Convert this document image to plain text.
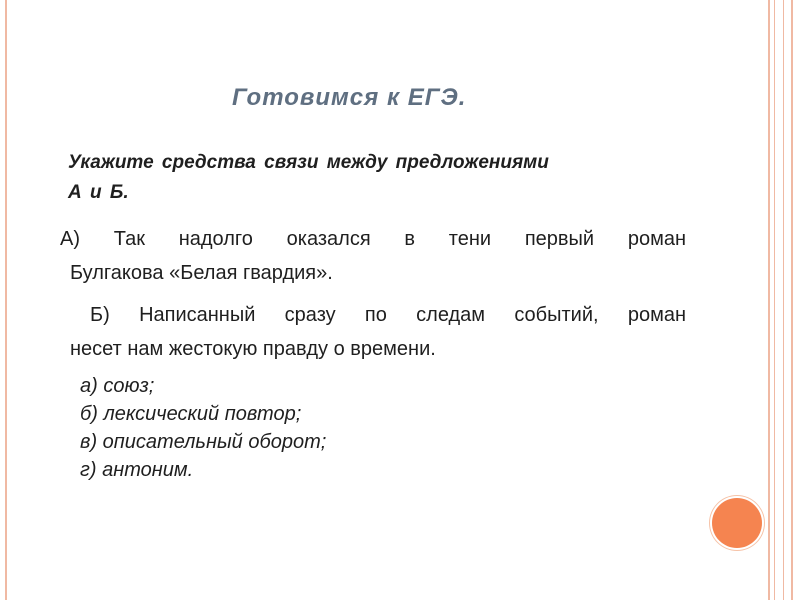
Готовимся к ЕГЭ.
Укажите средства связи между предложениями
А и Б.
А) Так надолго оказался в тени первый роман
Булгакова «Белая гвардия».
Б) Написанный сразу по следам событий, роман
несет нам жестокую правду о времени.
а) союз;
б) лексический повтор;
в) описательный оборот;
г) антоним.
